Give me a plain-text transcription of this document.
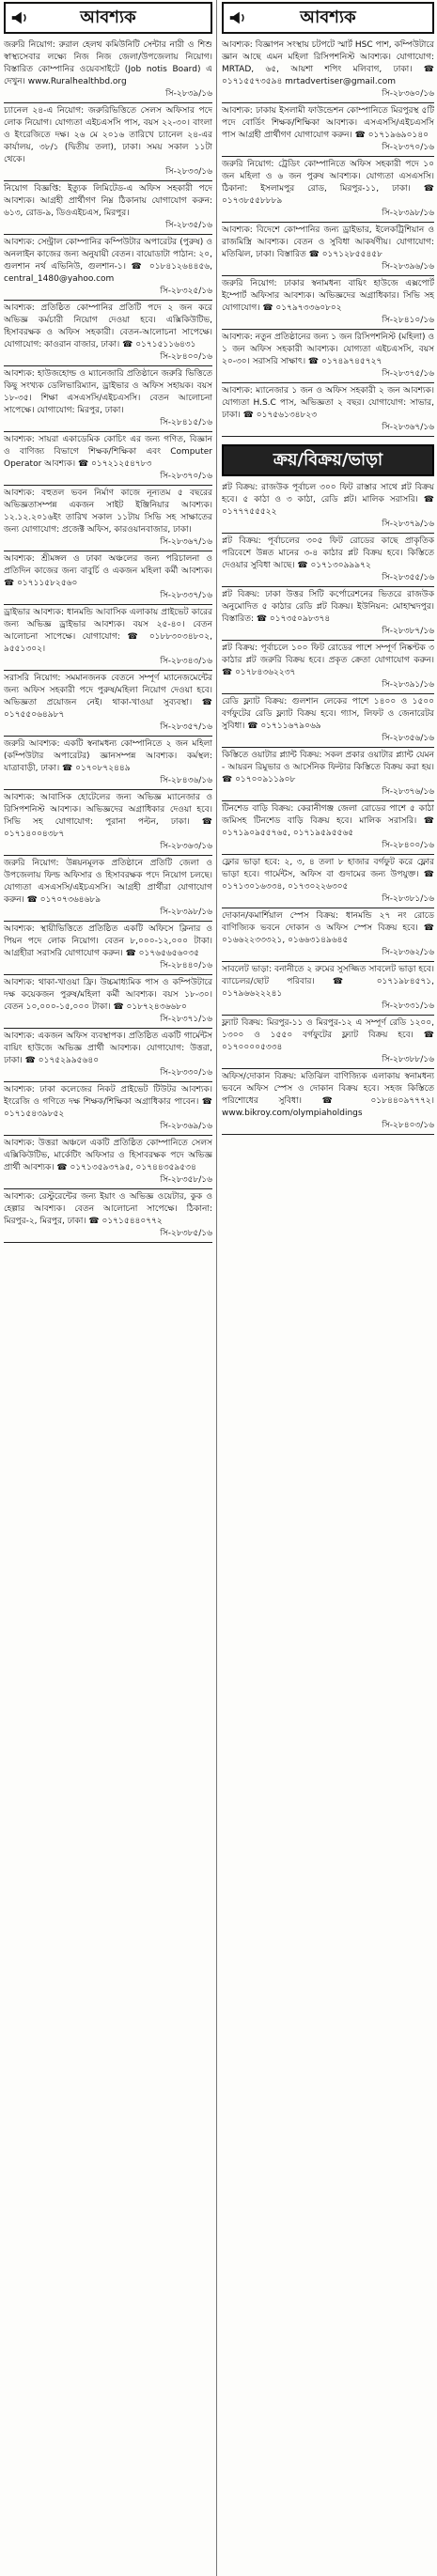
আবশ্যক
জরুরি নিয়োগ: রুরাল হেলথ কমিউনিটি সেন্টার নারী ও শিশু স্বাস্থ্যসেবার লক্ষ্যে নিজ নিজ জেলা/উপজেলায় নিয়োগ। বিস্তারিত কোম্পানির ওয়েবসাইটে (Job notis Board) এ দেখুন। www.Ruralhealthbd.org
সি-২৮৩৯/১৬
চ্যানেল ২৪-এ নিয়োগ: জরুরিভিত্তিতে সেলস অফিসার পদে লোক নিয়োগ। যোগ্যতা এইচএসসি পাস, বয়স ২২-৩০। বাংলা ও ইংরেজিতে দক্ষ। ২৬ মে ২০১৬ তারিখে চ্যানেল ২৪-এর কার্যালয়, ৩৮/১ (দ্বিতীয় তলা), ঢাকা। সময় সকাল ১১টা থেকে।
সি-২৮৩৩/১৬
নিয়োগ বিজ্ঞপ্তি: ইত্যুক লিমিটেড-এ অফিস সহকারী পদে আবশ্যক। আগ্রহী প্রার্থীগণ নিম্ন ঠিকানায় যোগাযোগ করুন: ৬১৩, রোড-৯, ডিওএইচএস, মিরপুর।
সি-২৮৩৫/১৬
আবশ্যক: সেন্ট্রাল কোম্পানির কম্পিউটার অপারেটর (পুরুষ) ও অনলাইন কাজের জন্য অনুযায়ী বেতন। বায়োডাটা পাঠান: ২০, গুলশান নর্থ এভিনিউ, গুলশান-১। ☎ ০১৮৪১২৬৪৪৫৬, central_1480@yahoo.com
সি-২৮৩২৫/১৬
আবশ্যক: প্রতিষ্ঠিত কোম্পানির প্রতিটি পদে ২ জন করে অভিজ্ঞ কর্মচারী নিয়োগ দেওয়া হবে। এক্সিকিউটিভ, হিসাবরক্ষক ও অফিস সহকারী। বেতন-আলোচনা সাপেক্ষে। যোগাযোগ: কাওরান বাজার, ঢাকা। ☎ ০১৭১৫১১৬৪৩১
সি-২৮৪০০/১৬
আবশ্যক: হাউজহোল্ড ও ম্যানেজারি প্রতিষ্ঠানে জরুরি ভিত্তিতে কিছু সংখ্যক ডেলিভারিম্যান, ড্রাইভার ও অফিস সহায়ক। বয়স ১৮-৩৫। শিক্ষা এসএসসি/এইচএসসি। বেতন আলোচনা সাপেক্ষে। যোগাযোগ: মিরপুর, ঢাকা।
সি-২৮৪১৫/১৬
আবশ্যক: সায়রা একাডেমিক কোচিং এর জন্য গণিত, বিজ্ঞান ও বাণিজ্য বিভাগে শিক্ষক/শিক্ষিকা এবং Computer Operator আবশ্যক। ☎ ০১৭২১২৫৪৭৮৩
সি-২৮৩৭০/১৬
আবশ্যক: বহুতল ভবন নির্মাণ কাজে নূন্যতম ৫ বছরের অভিজ্ঞতাসম্পন্ন একজন সাইট ইঞ্জিনিয়ার আবশ্যক। ১২.১২.২০১৬ইং তারিখ সকাল ১১টায় সিভি সহ সাক্ষাতের জন্য যোগাযোগ: প্রজেক্ট অফিস, কারওয়ানবাজার, ঢাকা।
সি-২৮৩৬৭/১৬
আবশ্যক: শ্রীমঙ্গল ও ঢাকা অঞ্চলের জন্য পরিচালনা ও প্রতিদিন কাজের জন্য বাবুর্চি ও একজন মহিলা কর্মী আবশ্যক। ☎ ০১৭১১৫৮২৫৬০
সি-২৮৩৩৭/১৬
ড্রাইভার আবশ্যক: ধানমন্ডি আবাসিক এলাকায় প্রাইভেট কারের জন্য অভিজ্ঞ ড্রাইভার আবশ্যক। বয়স ২৫-৪০। বেতন আলোচনা সাপেক্ষে। যোগাযোগ: ☎ ০১৮৮৩০৩৪৮০২, ৯৫৫১৩০২।
সি-২৮৩৪৩/১৬
সরাসরি নিয়োগ: সমমানজনক বেতনে সম্পূর্ণ ম্যানেজমেন্টের জন্য অফিস সহকারী পদে পুরুষ/মহিলা নিয়োগ দেওয়া হবে। অভিজ্ঞতা প্রয়োজন নেই। থাকা-খাওয়া সুব্যবস্থা। ☎ ০১৭৫৫০৬৪৯৮৭
সি-২৮৩৫৭/১৬
জরুরি আবশ্যক: একটি স্বনামধন্য কোম্পানিতে ২ জন মহিলা (কম্পিউটার অপারেটর) জ্ঞানসম্পন্ন আবশ্যক। কর্মস্থল: যাত্রাবাড়ী, ঢাকা। ☎ ০১৭০৮৭২৪৪৯
সি-২৮৪৩৬/১৬
আবশ্যক: আবাসিক হোটেলের জন্য অভিজ্ঞ ম্যানেজার ও রিসিপশনিস্ট আবশ্যক। অভিজ্ঞদের অগ্রাধিকার দেওয়া হবে। সিভি সহ যোগাযোগ: পুরানা পল্টন, ঢাকা। ☎ ০১৭১৪০০৪৩৮৭
সি-২৮৩৬৩/১৬
জরুরি নিয়োগ: উন্নয়নমূলক প্রতিষ্ঠানে প্রতিটি জেলা ও উপজেলায় ফিল্ড অফিসার ও হিসাবরক্ষক পদে নিয়োগ চলছে। যোগ্যতা এসএসসি/এইচএসসি। আগ্রহী প্রার্থীরা যোগাযোগ করুন। ☎ ০১৭০৭৩৬৪৬৮৯
সি-২৮৩৯৮/১৬
আবশ্যক: স্থায়ীভিত্তিতে প্রতিষ্ঠিত একটি অফিসে ক্লিনার ও পিয়ন পদে লোক নিয়োগ। বেতন ৮,০০০-১২,০০০ টাকা। আগ্রহীরা সরাসরি যোগাযোগ করুন। ☎ ০১৭৬৫৬৫৬০৩৫
সি-২৮৪৪০/১৬
আবশ্যক: থাকা-খাওয়া ফ্রি। উচ্চমাধ্যমিক পাস ও কম্পিউটারে দক্ষ কয়েকজন পুরুষ/মহিলা কর্মী আবশ্যক। বয়স ১৮-৩০। বেতন ১০,০০০-১৫,০০০ টাকা। ☎ ০১৮৭২৪৩৬৬৮০
সি-২৮৩৭১/১৬
আবশ্যক: একজন অফিস ব্যবস্থাপক। প্রতিষ্ঠিত একটি গার্মেন্টস বায়িং হাউজে অভিজ্ঞ প্রার্থী আবশ্যক। যোগাযোগ: উত্তরা, ঢাকা। ☎ ০১৭৫২৯৯৫৬৪০
সি-২৮৩৩০/১৬
আবশ্যক: ঢাকা কলেজের নিকট প্রাইভেট টিউটর আবশ্যক। ইংরেজি ও গণিতে দক্ষ শিক্ষক/শিক্ষিকা অগ্রাধিকার পাবেন। ☎ ০১৭১৫৪৩৯৮৫২
সি-২৮৩৬৯/১৬
আবশ্যক: উত্তরা অঞ্চলে একটি প্রতিষ্ঠিত কোম্পানিতে সেলস এক্সিকিউটিভ, মার্কেটিং অফিসার ও হিসাবরক্ষক পদে অভিজ্ঞ প্রার্থী আবশ্যক। ☎ ০১৭১৩৫৯৩৭৯৫, ০১৭৪৪৩৫৯৫৩৪
সি-২৮৩৫৮/১৬
আবশ্যক: রেস্টুরেন্টের জন্য ইয়াং ও অভিজ্ঞ ওয়েটার, কুক ও হেল্পার আবশ্যক। বেতন আলোচনা সাপেক্ষে। ঠিকানা: মিরপুর-২, মিরপুর, ঢাকা। ☎ ০১৭১৫৪৪০৭৭২
সি-২৮৩৮৫/১৬
আবশ্যক
আবশ্যক: বিজ্ঞাপন সংস্থায় চটপটে স্মার্ট HSC পাশ, কম্পিউটারে জ্ঞান আছে এমন মহিলা রিসিপশনিস্ট আবশ্যক। যোগাযোগ: MRTAD, ৬৫, আয়শা শপিং মলিবাগ, ঢাকা। ☎ ০১৭১৫৫৭৩৫৯৪ mrtadvertiser@gmail.com
সি-২৮৩৬০/১৬
আবশ্যক: ঢাকায় ইসলামী ফাউন্ডেশন কোম্পানিতে মিরপুরস্থ ৫টি পদে বোর্ডিং শিক্ষক/শিক্ষিকা আবশ্যক। এসএসসি/এইচএসসি পাস আগ্রহী প্রার্থীগণ যোগাযোগ করুন। ☎ ০১৭১৯৬৯০১৪০
সি-২৮৩৭০/১৬
জরুরি নিয়োগ: ট্রেডিং কোম্পানিতে অফিস সহকারী পদে ১০ জন মহিলা ও ৬ জন পুরুষ আবশ্যক। যোগ্যতা এসএসসি। ঠিকানা: ইসলামপুর রোড, মিরপুর-১১, ঢাকা। ☎ ০১৭৩৮৫৫৮৮৮৯
সি-২৮৩৯৮/১৬
আবশ্যক: বিদেশে কোম্পানির জন্য ড্রাইভার, ইলেকট্রিশিয়ান ও রাজমিস্ত্রি আবশ্যক। বেতন ও সুবিধা আকর্ষণীয়। যোগাযোগ: মতিঝিল, ঢাকা। বিস্তারিত ☎ ০১৭১২৮৫৫৪৫৮
সি-২৮৩৯৬/১৬
জরুরি নিয়োগ: ঢাকার স্বনামধন্য বায়িং হাউজে এক্সপোর্ট ইম্পোর্ট অফিসার আবশ্যক। অভিজ্ঞদের অগ্রাধিকার। সিভি সহ যোগাযোগ। ☎ ০১৭৯৭৩৩৬০৮০২
সি-২৮৪১০/১৬
আবশ্যক: নতুন প্রতিষ্ঠানের জন্য ১ জন রিসিপশনিস্ট (মহিলা) ও ১ জন অফিস সহকারী আবশ্যক। যোগ্যতা এইচএসসি, বয়স ২০-৩০। সরাসরি সাক্ষাৎ। ☎ ০১৭৪৯৭৪৫৭২৭
সি-২৮৩৭৫/১৬
আবশ্যক: ম্যানেজার ১ জন ও অফিস সহকারী ২ জন আবশ্যক। যোগ্যতা H.S.C পাস, অভিজ্ঞতা ২ বছর। যোগাযোগ: সাভার, ঢাকা। ☎ ০১৭৫৬১৩৪৮২৩
সি-২৮৩৬৭/১৬
ক্রয়/বিক্রয়/ভাড়া
প্লট বিক্রয়: রাজউক পূর্বাচল ৩০০ ফিট রাস্তার সাথে প্লট বিক্রয় হবে। ৫ কাঠা ও ৩ কাঠা, রেডি প্লট। মালিক সরাসরি। ☎ ০১৭৭৭৫৫৫২২
সি-২৮৩৭৯/১৬
প্লট বিক্রয়: পূর্বাচলের ৩০৫ ফিট রোডের কাছে প্রাকৃতিক পরিবেশে উন্নত মানের ৩-৪ কাঠার প্লট বিক্রয় হবে। কিস্তিতে দেওয়ার সুবিধা আছে। ☎ ০১৭১৩০৯৯৯৭২
সি-২৮৩৫৫/১৬
প্লট বিক্রয়: ঢাকা উত্তর সিটি কর্পোরেশনের ভিতরে রাজউক অনুমোদিত ৫ কাঠার রেডি প্লট বিক্রয়। ইউনিয়ন: মোহাম্মদপুর। বিস্তারিত: ☎ ০১৭৩৫০৯৮৩৭৪
সি-২৮৩৮৭/১৬
প্লট বিক্রয়: পূর্বাচলে ১০০ ফিট রোডের পাশে সম্পূর্ণ নিষ্কণ্টক ৩ কাঠার প্লট জরুরি বিক্রয় হবে। প্রকৃত ক্রেতা যোগাযোগ করুন। ☎ ০১৭৮৪৩৬২২৩৭
সি-২৮৩৯১/১৬
রেডি ফ্ল্যাট বিক্রয়: গুলশান লেকের পাশে ১৪০০ ও ১৫০০ বর্গফুটের রেডি ফ্ল্যাট বিক্রয় হবে। গ্যাস, লিফট ও জেনারেটর সুবিধা। ☎ ০১৭১১৬৭৯০৬৯
সি-২৮৩৫৬/১৬
কিস্তিতে ওয়াটার প্ল্যান্ট বিক্রয়: সকল প্রকার ওয়াটার প্ল্যান্ট যেমন - আয়রন রিমুভার ও আর্সেনিক ফিল্টার কিস্তিতে বিক্রয় করা হয়। ☎ ০১৭০০৯১১৯০৮
সি-২৮৩৭৬/১৬
টিনশেড বাড়ি বিক্রয়: কেরানীগঞ্জ জেলা রোডের পাশে ৫ কাঠা জমিসহ টিনশেড বাড়ি বিক্রয় হবে। মালিক সরাসরি। ☎ ০১৭১৯০৯৫৫৭৬৫, ০১৭১৯৫৯৫৫৬৫
সি-২৮৪০০/১৬
ফ্লোর ভাড়া হবে: ২, ৩, ৪ তলা ৮ হাজার বর্গফুট করে ফ্লোর ভাড়া হবে। গার্মেন্টস, অফিস বা গুদামের জন্য উপযুক্ত। ☎ ০১৭১৩০১৬৩৩৪, ০১৭৩০২২৬৩০৫
সি-২৮৩৮১/১৬
দোকান/কমার্শিয়াল স্পেস বিক্রয়: ধানমন্ডি ২৭ নং রোডে বাণিজ্যিক ভবনে দোকান ও অফিস স্পেস বিক্রয় হবে। ☎ ০১৬৬২২৩৩৩২১, ০১৬৬৩১৪৯৬৪৫
সি-২৮৩৬২/১৬
সাবলেট ভাড়া: বনানীতে ২ রুমের সুসজ্জিত সাবলেট ভাড়া হবে। ব্যাচেলর/ছোট পরিবার। ☎ ০১৭১৯৮৪৫৭১, ০১৭৯৬৬২২২৪১
সি-২৮৩৩১/১৬
ফ্ল্যাট বিক্রয়: মিরপুর-১১ ও মিরপুর-১২ এ সম্পূর্ণ রেডি ১২০০, ১৩০০ ও ১৫৫০ বর্গফুটের ফ্ল্যাট বিক্রয় হবে। ☎ ০১৭০০০০৫৩৩৪
সি-২৮৩৮৮/১৬
অফিস/দোকান বিক্রয়: মতিঝিল বাণিজ্যিক এলাকায় স্বনামধন্য ভবনে অফিস স্পেস ও দোকান বিক্রয় হবে। সহজ কিস্তিতে পরিশোধের সুবিধা। ☎ ০১৮৪৪০৯৭৭৭২। www.bikroy.com/olympiaholdings
সি-২৮৪০৩/১৬
